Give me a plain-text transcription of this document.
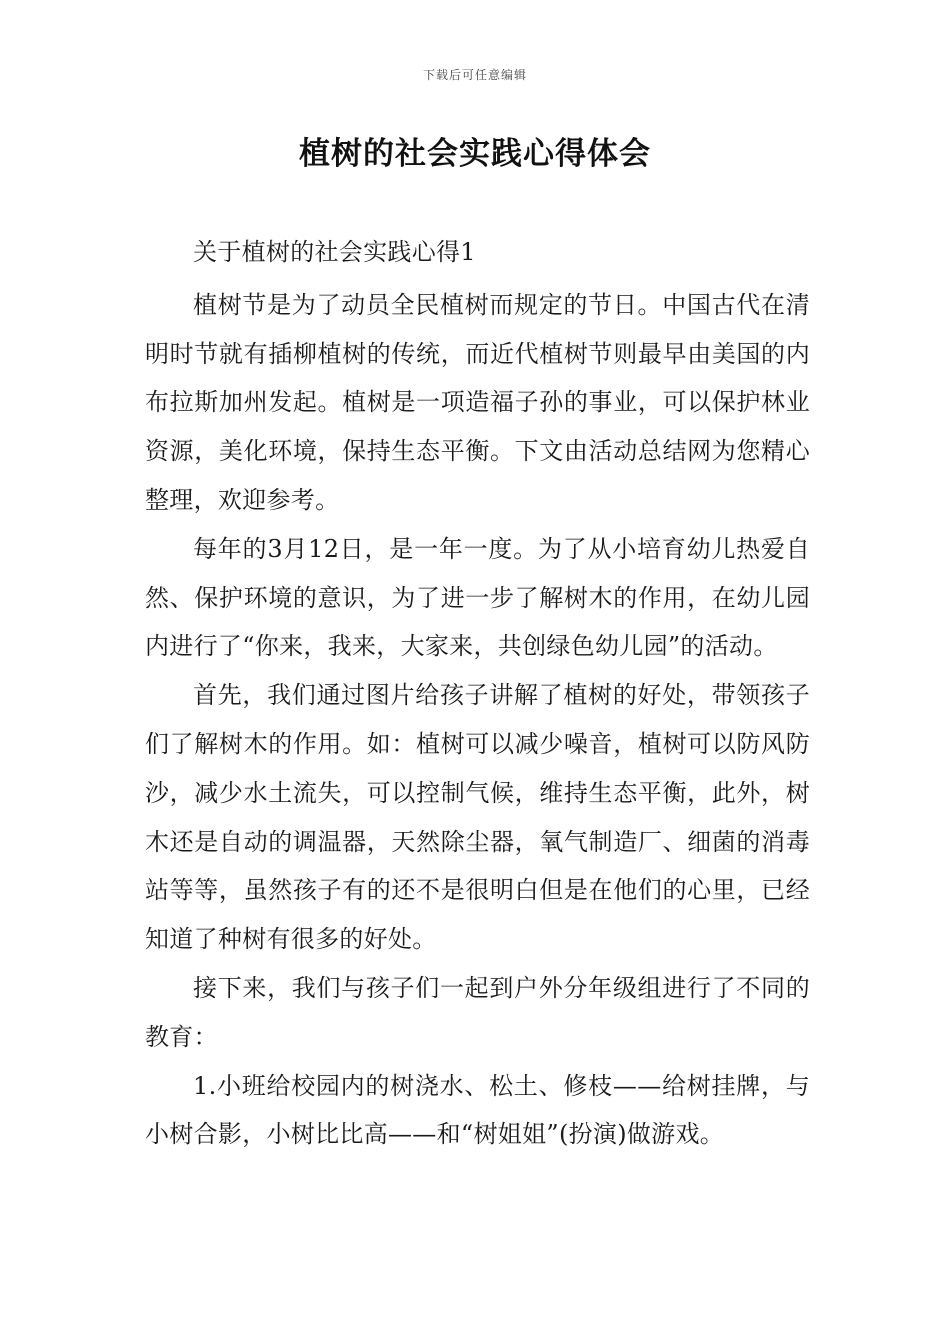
下载后可任意编辑
植树的社会实践心得体会

关于植树的社会实践心得1

植树节是为了动员全民植树而规定的节日。中国古代在清明时节就有插柳植树的传统，而近代植树节则最早由美国的内布拉斯加州发起。植树是一项造福子孙的事业，可以保护林业资源，美化环境，保持生态平衡。下文由活动总结网为您精心整理，欢迎参考。

每年的3月12日，是一年一度。为了从小培育幼儿热爱自然、保护环境的意识，为了进一步了解树木的作用，在幼儿园内进行了“你来，我来，大家来，共创绿色幼儿园”的活动。

首先，我们通过图片给孩子讲解了植树的好处，带领孩子们了解树木的作用。如：植树可以减少噪音，植树可以防风防沙，减少水土流失，可以控制气候，维持生态平衡，此外，树木还是自动的调温器，天然除尘器，氧气制造厂、细菌的消毒站等等，虽然孩子有的还不是很明白但是在他们的心里，已经知道了种树有很多的好处。

接下来，我们与孩子们一起到户外分年级组进行了不同的教育：

1.小班给校园内的树浇水、松土、修枝——给树挂牌，与小树合影，小树比比高——和“树姐姐”(扮演)做游戏。
